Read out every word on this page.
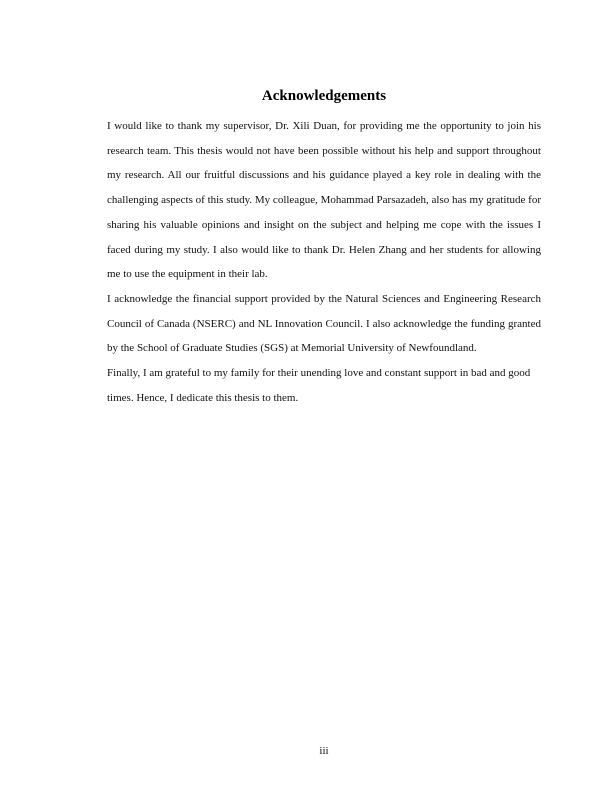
Acknowledgements

I would like to thank my supervisor, Dr. Xili Duan, for providing me the opportunity to join his research team. This thesis would not have been possible without his help and support throughout my research. All our fruitful discussions and his guidance played a key role in dealing with the challenging aspects of this study. My colleague, Mohammad Parsazadeh, also has my gratitude for sharing his valuable opinions and insight on the subject and helping me cope with the issues I faced during my study. I also would like to thank Dr. Helen Zhang and her students for allowing me to use the equipment in their lab.

I acknowledge the financial support provided by the Natural Sciences and Engineering Research Council of Canada (NSERC) and NL Innovation Council. I also acknowledge the funding granted by the School of Graduate Studies (SGS) at Memorial University of Newfoundland.

Finally, I am grateful to my family for their unending love and constant support in bad and good times. Hence, I dedicate this thesis to them.

iii
